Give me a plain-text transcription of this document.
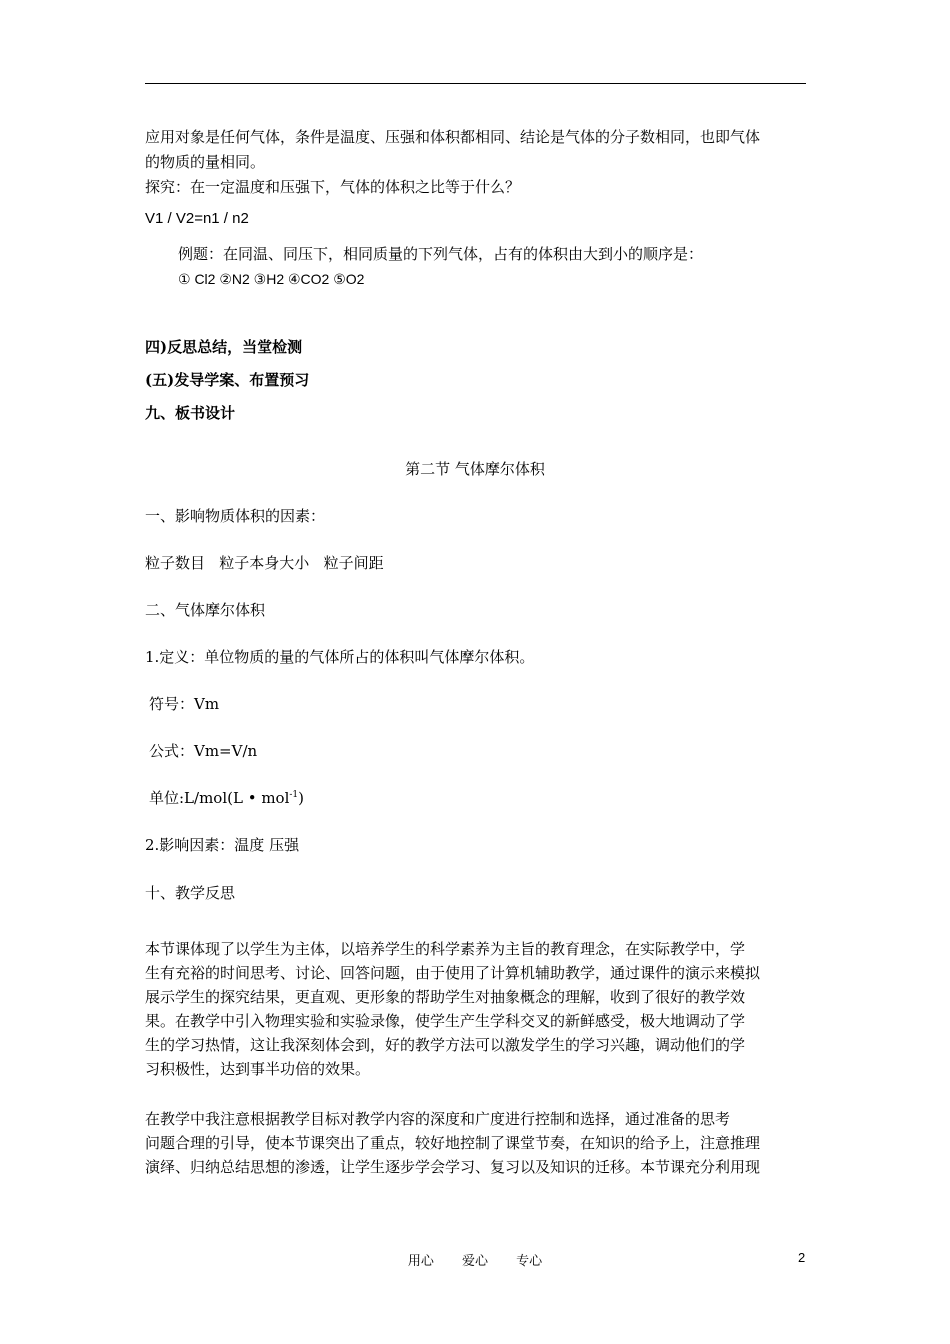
应用对象是任何气体，条件是温度、压强和体积都相同、结论是气体的分子数相同，也即气体
的物质的量相同。
探究：在一定温度和压强下，气体的体积之比等于什么？
V1 / V2=n1 / n2
例题：在同温、同压下，相同质量的下列气体，占有的体积由大到小的顺序是：
① Cl2 ②N2 ③H2 ④CO2 ⑤O2
四)反思总结，当堂检测
(五)发导学案、布置预习
九、板书设计
第二节 气体摩尔体积
一、影响物质体积的因素：
粒子数目   粒子本身大小   粒子间距
二、气体摩尔体积
1.定义：单位物质的量的气体所占的体积叫气体摩尔体积。
符号：Vm
公式：Vm=V/n
单位:L/mol(L • mol$^{-1}$)
2.影响因素：温度 压强
十、教学反思
本节课体现了以学生为主体，以培养学生的科学素养为主旨的教育理念，在实际教学中，学
生有充裕的时间思考、讨论、回答问题，由于使用了计算机辅助教学，通过课件的演示来模拟
展示学生的探究结果，更直观、更形象的帮助学生对抽象概念的理解，收到了很好的教学效
果。在教学中引入物理实验和实验录像，使学生产生学科交叉的新鲜感受，极大地调动了学
生的学习热情，这让我深刻体会到，好的教学方法可以激发学生的学习兴趣，调动他们的学
习积极性，达到事半功倍的效果。
在教学中我注意根据教学目标对教学内容的深度和广度进行控制和选择，通过准备的思考
问题合理的引导，使本节课突出了重点，较好地控制了课堂节奏，在知识的给予上，注意推理
演绎、归纳总结思想的渗透，让学生逐步学会学习、复习以及知识的迁移。本节课充分利用现
用心 爱心 专心	2
